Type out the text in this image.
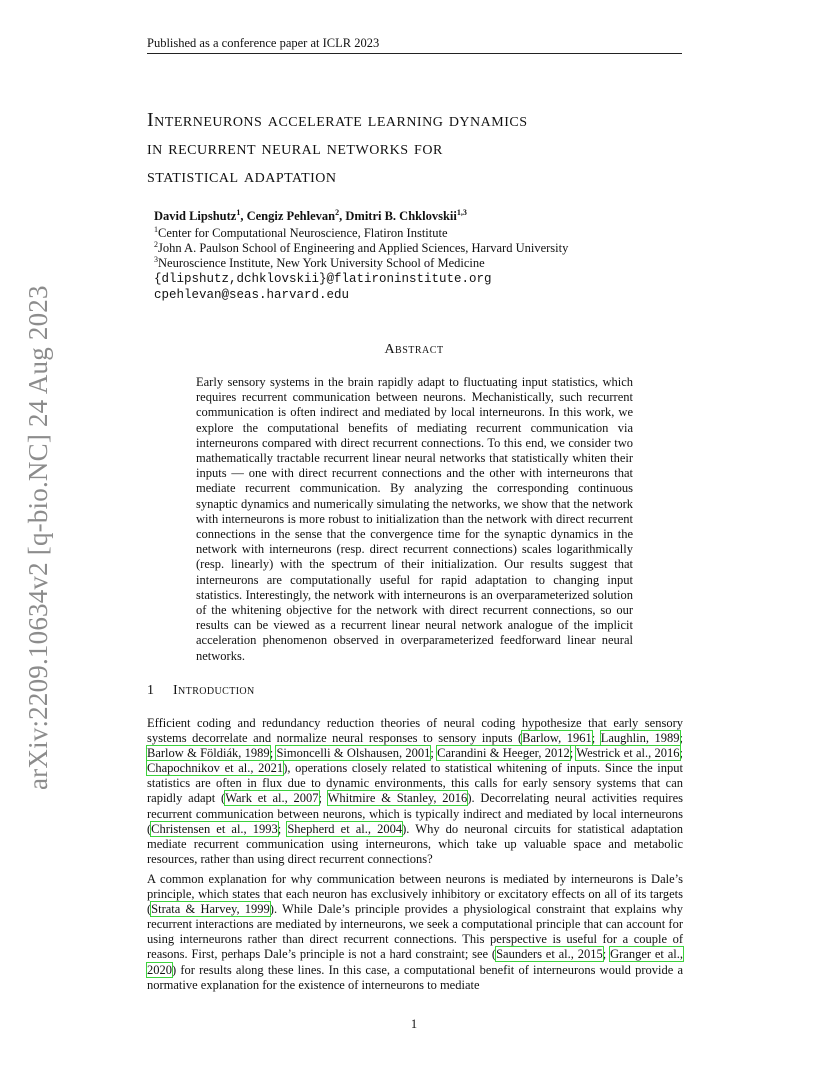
Published as a conference paper at ICLR 2023
arXiv:2209.10634v2 [q-bio.NC] 24 Aug 2023
Interneurons accelerate learning dynamics
in recurrent neural networks for
statistical adaptation
David Lipshutz$^1$, Cengiz Pehlevan$^2$, Dmitri B. Chklovskii$^{1,3}$
$^1$Center for Computational Neuroscience, Flatiron Institute
$^2$John A. Paulson School of Engineering and Applied Sciences, Harvard University
$^3$Neuroscience Institute, New York University School of Medicine
{dlipshutz,dchklovskii}@flatironinstitute.org
cpehlevan@seas.harvard.edu
Abstract

Early sensory systems in the brain rapidly adapt to fluctuating input statistics, which requires recurrent communication between neurons. Mechanistically, such recurrent communication is often indirect and mediated by local interneurons. In this work, we explore the computational benefits of mediating recurrent communication via interneurons compared with direct recurrent connections. To this end, we consider two mathematically tractable recurrent linear neural networks that statistically whiten their inputs — one with direct recurrent connections and the other with interneurons that mediate recurrent communication. By analyzing the corresponding continuous synaptic dynamics and numerically simulating the networks, we show that the network with interneurons is more robust to initialization than the network with direct recurrent connections in the sense that the convergence time for the synaptic dynamics in the network with interneurons (resp. direct recurrent connections) scales logarithmically (resp. linearly) with the spectrum of their initialization. Our results suggest that interneurons are computationally useful for rapid adaptation to changing input statistics. Interestingly, the network with interneurons is an overparameterized solution of the whitening objective for the network with direct recurrent connections, so our results can be viewed as a recurrent linear neural network analogue of the implicit acceleration phenomenon observed in overparameterized feedforward linear neural networks.

1 Introduction

Efficient coding and redundancy reduction theories of neural coding hypothesize that early sensory systems decorrelate and normalize neural responses to sensory inputs (Barlow, 1961; Laughlin, 1989; Barlow & Földiák, 1989; Simoncelli & Olshausen, 2001; Carandini & Heeger, 2012; Westrick et al., 2016; Chapochnikov et al., 2021), operations closely related to statistical whitening of inputs. Since the input statistics are often in flux due to dynamic environments, this calls for early sensory systems that can rapidly adapt (Wark et al., 2007; Whitmire & Stanley, 2016). Decorrelating neural activities requires recurrent communication between neurons, which is typically indirect and mediated by local interneurons (Christensen et al., 1993; Shepherd et al., 2004). Why do neuronal circuits for statistical adaptation mediate recurrent communication using interneurons, which take up valuable space and metabolic resources, rather than using direct recurrent connections?

A common explanation for why communication between neurons is mediated by interneurons is Dale’s principle, which states that each neuron has exclusively inhibitory or excitatory effects on all of its targets (Strata & Harvey, 1999). While Dale’s principle provides a physiological constraint that explains why recurrent interactions are mediated by interneurons, we seek a computational principle that can account for using interneurons rather than direct recurrent connections. This perspective is useful for a couple of reasons. First, perhaps Dale’s principle is not a hard constraint; see (Saunders et al., 2015; Granger et al., 2020) for results along these lines. In this case, a computational benefit of interneurons would provide a normative explanation for the existence of interneurons to mediate

1
